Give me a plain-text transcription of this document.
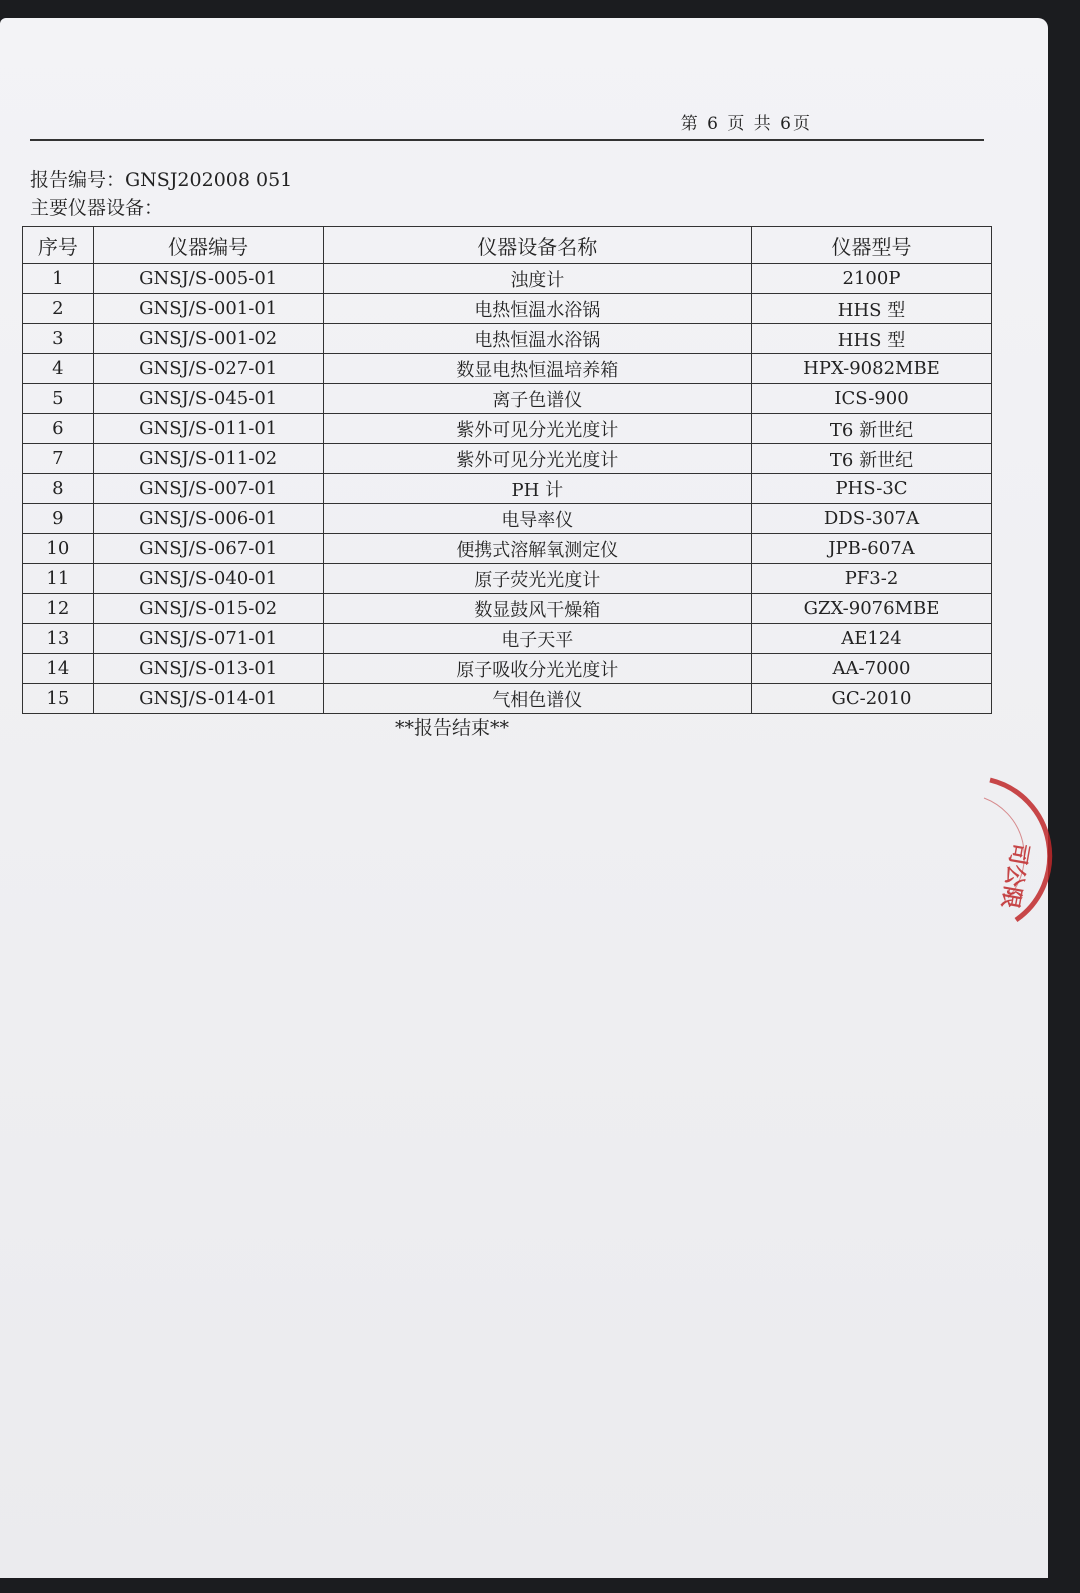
第 6 页 共 6页
报告编号：GNSJ202008 051
主要仪器设备：
序号	仪器编号	仪器设备名称	仪器型号
1	GNSJ/S-005-01	浊度计	2100P
2	GNSJ/S-001-01	电热恒温水浴锅	HHS 型
3	GNSJ/S-001-02	电热恒温水浴锅	HHS 型
4	GNSJ/S-027-01	数显电热恒温培养箱	HPX-9082MBE
5	GNSJ/S-045-01	离子色谱仪	ICS-900
6	GNSJ/S-011-01	紫外可见分光光度计	T6 新世纪
7	GNSJ/S-011-02	紫外可见分光光度计	T6 新世纪
8	GNSJ/S-007-01	PH 计	PHS-3C
9	GNSJ/S-006-01	电导率仪	DDS-307A
10	GNSJ/S-067-01	便携式溶解氧测定仪	JPB-607A
11	GNSJ/S-040-01	原子荧光光度计	PF3-2
12	GNSJ/S-015-02	数显鼓风干燥箱	GZX-9076MBE
13	GNSJ/S-071-01	电子天平	AE124
14	GNSJ/S-013-01	原子吸收分光光度计	AA-7000
15	GNSJ/S-014-01	气相色谱仪	GC-2010
**报告结束**
司公限
